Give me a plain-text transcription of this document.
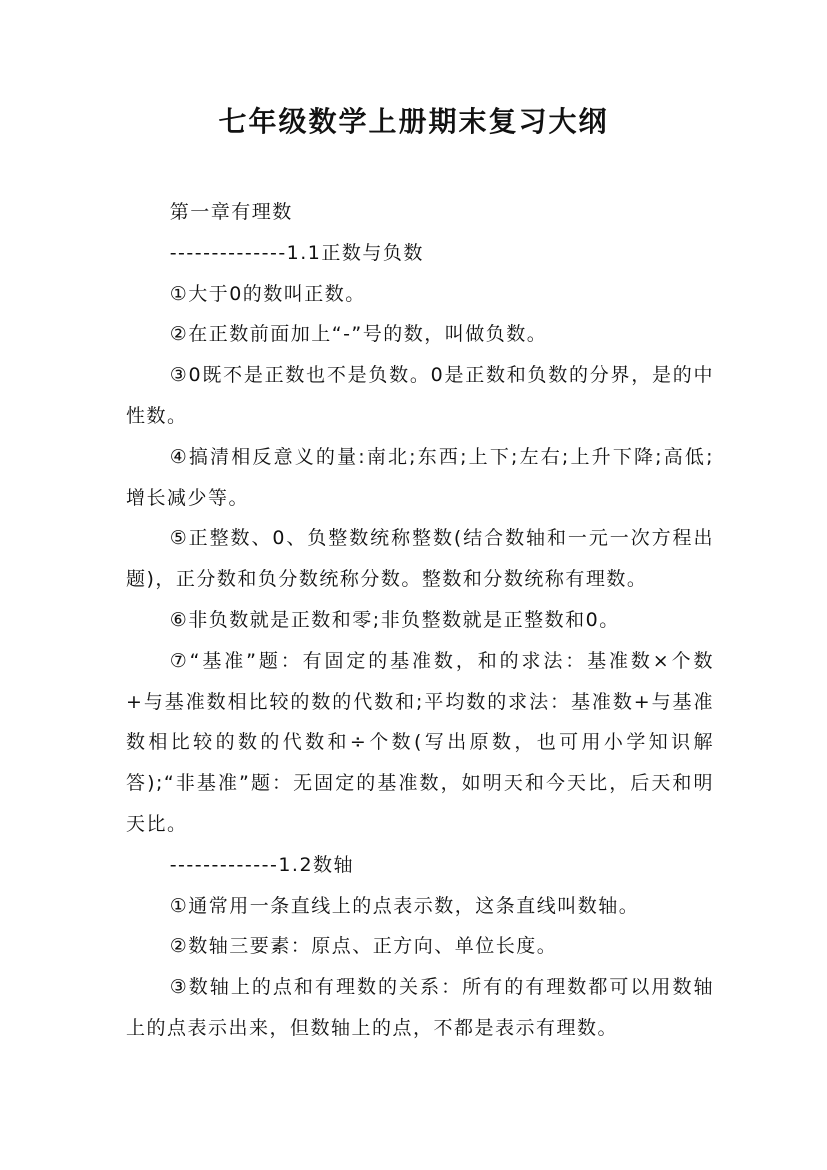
七年级数学上册期末复习大纲

第一章有理数

--------------1.1正数与负数

①大于0的数叫正数。

②在正数前面加上“-”号的数，叫做负数。

③0既不是正数也不是负数。0是正数和负数的分界，是的中性数。

④搞清相反意义的量:南北;东西;上下;左右;上升下降;高低;增长减少等。

⑤正整数、0、负整数统称整数(结合数轴和一元一次方程出题)，正分数和负分数统称分数。整数和分数统称有理数。

⑥非负数就是正数和零;非负整数就是正整数和0。

⑦“基准”题：有固定的基准数，和的求法：基准数×个数+与基准数相比较的数的代数和;平均数的求法：基准数+与基准数相比较的数的代数和÷个数(写出原数，也可用小学知识解答);“非基准”题：无固定的基准数，如明天和今天比，后天和明天比。

-------------1.2数轴

①通常用一条直线上的点表示数，这条直线叫数轴。

②数轴三要素：原点、正方向、单位长度。

③数轴上的点和有理数的关系：所有的有理数都可以用数轴上的点表示出来，但数轴上的点，不都是表示有理数。
